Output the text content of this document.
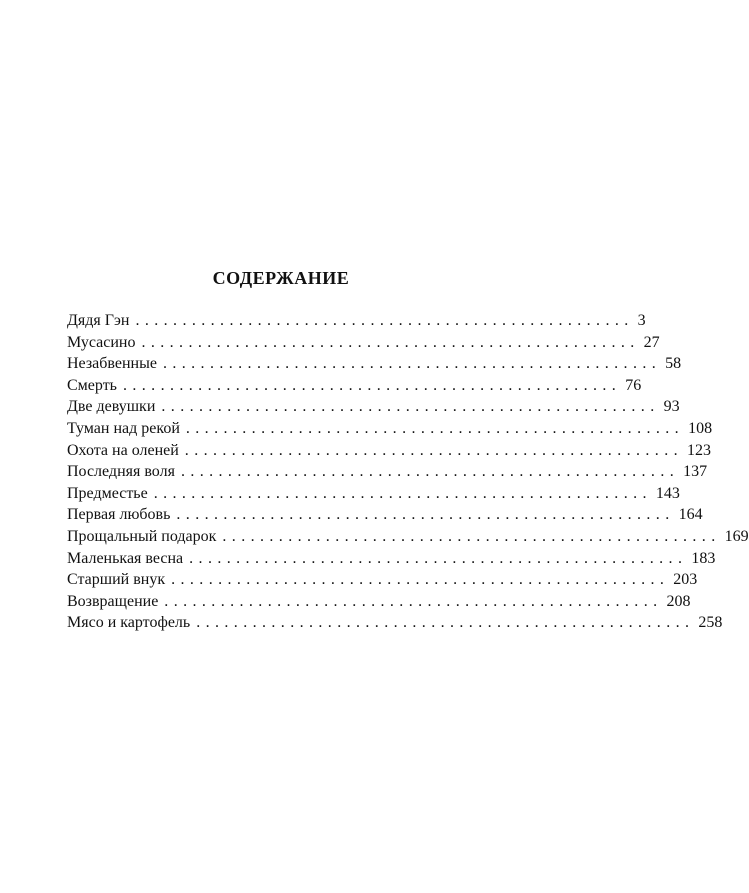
СОДЕРЖАНИЕ
Дядя Гэн ..................................................... 3
Мусасино ..................................................... 27
Незабвенные ..................................................... 58
Смерть ..................................................... 76
Две девушки ..................................................... 93
Туман над рекой ..................................................... 108
Охота на оленей ..................................................... 123
Последняя воля ..................................................... 137
Предместье ..................................................... 143
Первая любовь ..................................................... 164
Прощальный подарок ..................................................... 169
Маленькая весна ..................................................... 183
Старший внук ..................................................... 203
Возвращение ..................................................... 208
Мясо и картофель ..................................................... 258
